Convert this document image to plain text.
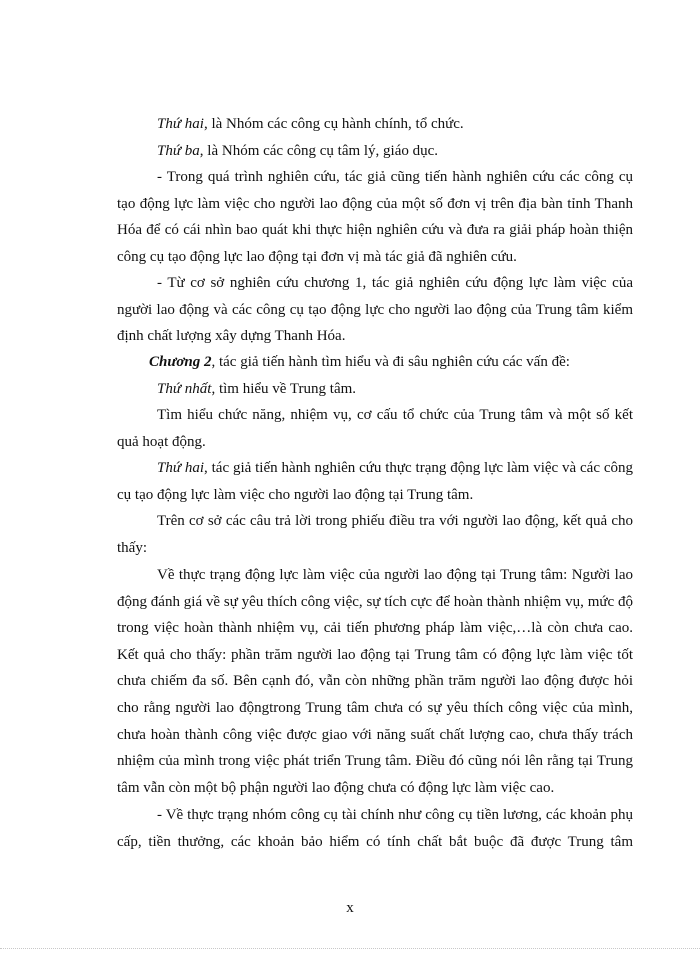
Thứ hai, là Nhóm các công cụ hành chính, tổ chức.

Thứ ba, là Nhóm các công cụ tâm lý, giáo dục.

- Trong quá trình nghiên cứu, tác giả cũng tiến hành nghiên cứu các công cụ tạo động lực làm việc cho người lao động của một số đơn vị trên địa bàn tỉnh Thanh Hóa để có cái nhìn bao quát khi thực hiện nghiên cứu và đưa ra giải pháp hoàn thiện công cụ tạo động lực lao động tại đơn vị mà tác giả đã nghiên cứu.

- Từ cơ sở nghiên cứu chương 1, tác giả nghiên cứu động lực làm việc của người lao động và các công cụ tạo động lực cho người lao động của Trung tâm kiểm định chất lượng xây dựng Thanh Hóa.

Chương 2, tác giả tiến hành tìm hiểu và đi sâu nghiên cứu các vấn đề:

Thứ nhất, tìm hiểu về Trung tâm.

Tìm hiểu chức năng, nhiệm vụ, cơ cấu tổ chức của Trung tâm và một số kết quả hoạt động.

Thứ hai, tác giả tiến hành nghiên cứu thực trạng động lực làm việc và các công cụ tạo động lực làm việc cho người lao động tại Trung tâm.

Trên cơ sở các câu trả lời trong phiếu điều tra với người lao động, kết quả cho thấy:

Về thực trạng động lực làm việc của người lao động tại Trung tâm: Người lao động đánh giá về sự yêu thích công việc, sự tích cực để hoàn thành nhiệm vụ, mức độ trong việc hoàn thành nhiệm vụ, cải tiến phương pháp làm việc,…là còn chưa cao. Kết quả cho thấy: phần trăm người lao động tại Trung tâm có động lực làm việc tốt chưa chiếm đa số. Bên cạnh đó, vẫn còn những phần trăm người lao động được hỏi cho rằng người lao độngtrong Trung tâm chưa có sự yêu thích công việc của mình, chưa hoàn thành công việc được giao với năng suất chất lượng cao, chưa thấy trách nhiệm của mình trong việc phát triển Trung tâm. Điều đó cũng nói lên rằng tại Trung tâm vẫn còn một bộ phận người lao động chưa có động lực làm việc cao.

- Về thực trạng nhóm công cụ tài chính như công cụ tiền lương, các khoản phụ cấp, tiền thưởng, các khoản bảo hiểm có tính chất bắt buộc đã được Trung tâm

x
